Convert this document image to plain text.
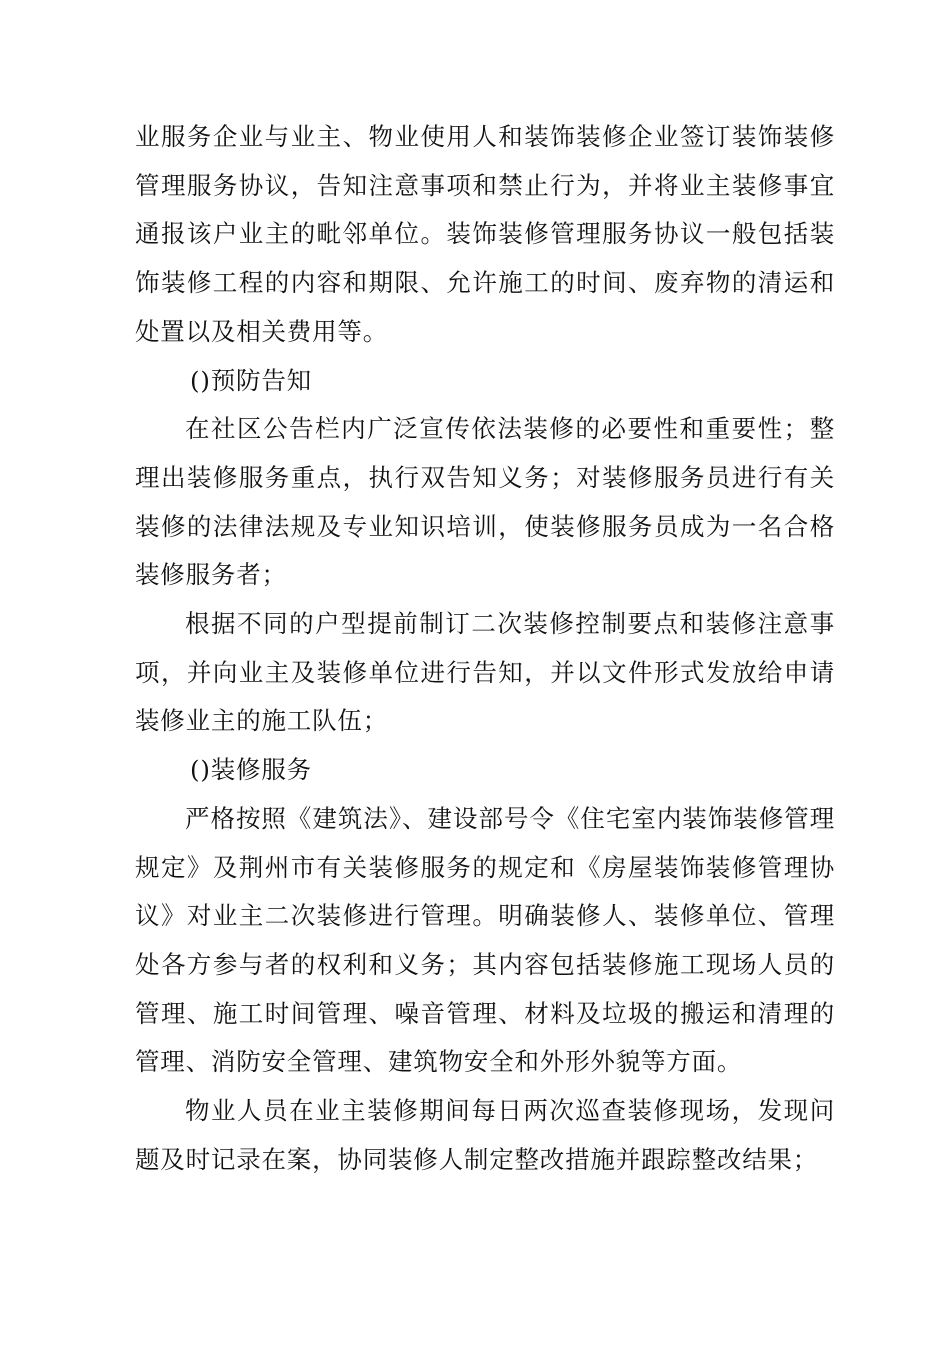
业服务企业与业主、物业使用人和装饰装修企业签订装饰装修管理服务协议，告知注意事项和禁止行为，并将业主装修事宜通报该户业主的毗邻单位。装饰装修管理服务协议一般包括装饰装修工程的内容和期限、允许施工的时间、废弃物的清运和处置以及相关费用等。

()预防告知

在社区公告栏内广泛宣传依法装修的必要性和重要性；整理出装修服务重点，执行双告知义务；对装修服务员进行有关装修的法律法规及专业知识培训，使装修服务员成为一名合格装修服务者；

根据不同的户型提前制订二次装修控制要点和装修注意事项，并向业主及装修单位进行告知，并以文件形式发放给申请装修业主的施工队伍；

()装修服务

严格按照《建筑法》、建设部号令《住宅室内装饰装修管理规定》及荆州市有关装修服务的规定和《房屋装饰装修管理协议》对业主二次装修进行管理。明确装修人、装修单位、管理处各方参与者的权利和义务；其内容包括装修施工现场人员的管理、施工时间管理、噪音管理、材料及垃圾的搬运和清理的管理、消防安全管理、建筑物安全和外形外貌等方面。

物业人员在业主装修期间每日两次巡查装修现场，发现问题及时记录在案，协同装修人制定整改措施并跟踪整改结果；
